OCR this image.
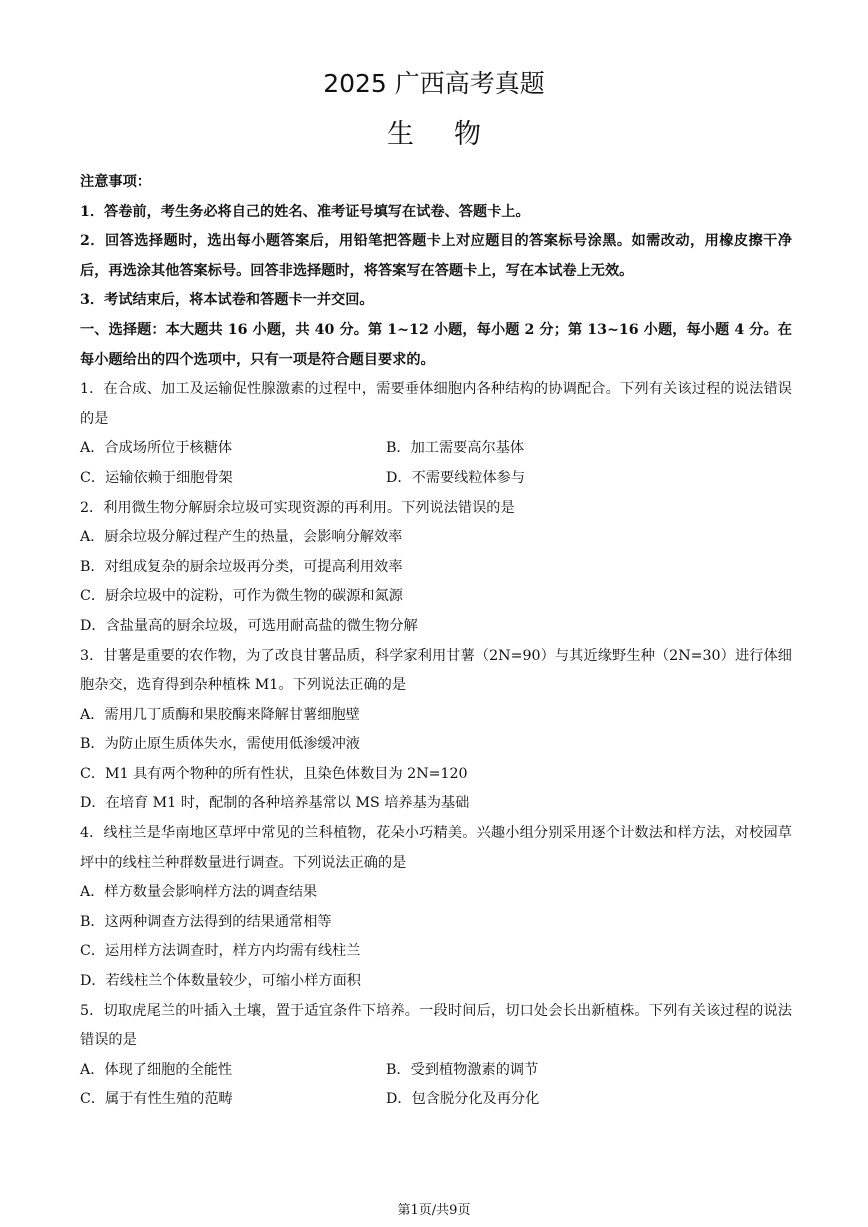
2025 广西高考真题
生物

注意事项：

1．答卷前，考生务必将自己的姓名、准考证号填写在试卷、答题卡上。

2．回答选择题时，选出每小题答案后，用铅笔把答题卡上对应题目的答案标号涂黑。如需改动，用橡皮擦干净后，再选涂其他答案标号。回答非选择题时，将答案写在答题卡上，写在本试卷上无效。

3．考试结束后，将本试卷和答题卡一并交回。

一、选择题：本大题共 16 小题，共 40 分。第 1~12 小题，每小题 2 分；第 13~16 小题，每小题 4 分。在每小题给出的四个选项中，只有一项是符合题目要求的。

1．在合成、加工及运输促性腺激素的过程中，需要垂体细胞内各种结构的协调配合。下列有关该过程的说法错误的是

A．合成场所位于核糖体	B．加工需要高尔基体
C．运输依赖于细胞骨架	D．不需要线粒体参与

2．利用微生物分解厨余垃圾可实现资源的再利用。下列说法错误的是

A．厨余垃圾分解过程产生的热量，会影响分解效率

B．对组成复杂的厨余垃圾再分类，可提高利用效率

C．厨余垃圾中的淀粉，可作为微生物的碳源和氮源

D．含盐量高的厨余垃圾，可选用耐高盐的微生物分解

3．甘薯是重要的农作物，为了改良甘薯品质，科学家利用甘薯（2N=90）与其近缘野生种（2N=30）进行体细胞杂交，选育得到杂种植株 M1。下列说法正确的是

A．需用几丁质酶和果胶酶来降解甘薯细胞壁

B．为防止原生质体失水，需使用低渗缓冲液

C．M1 具有两个物种的所有性状，且染色体数目为 2N=120

D．在培育 M1 时，配制的各种培养基常以 MS 培养基为基础

4．线柱兰是华南地区草坪中常见的兰科植物，花朵小巧精美。兴趣小组分别采用逐个计数法和样方法，对校园草坪中的线柱兰种群数量进行调查。下列说法正确的是

A．样方数量会影响样方法的调查结果

B．这两种调查方法得到的结果通常相等

C．运用样方法调查时，样方内均需有线柱兰

D．若线柱兰个体数量较少，可缩小样方面积

5．切取虎尾兰的叶插入土壤，置于适宜条件下培养。一段时间后，切口处会长出新植株。下列有关该过程的说法错误的是

A．体现了细胞的全能性	B．受到植物激素的调节
C．属于有性生殖的范畴	D．包含脱分化及再分化
第1页/共9页
